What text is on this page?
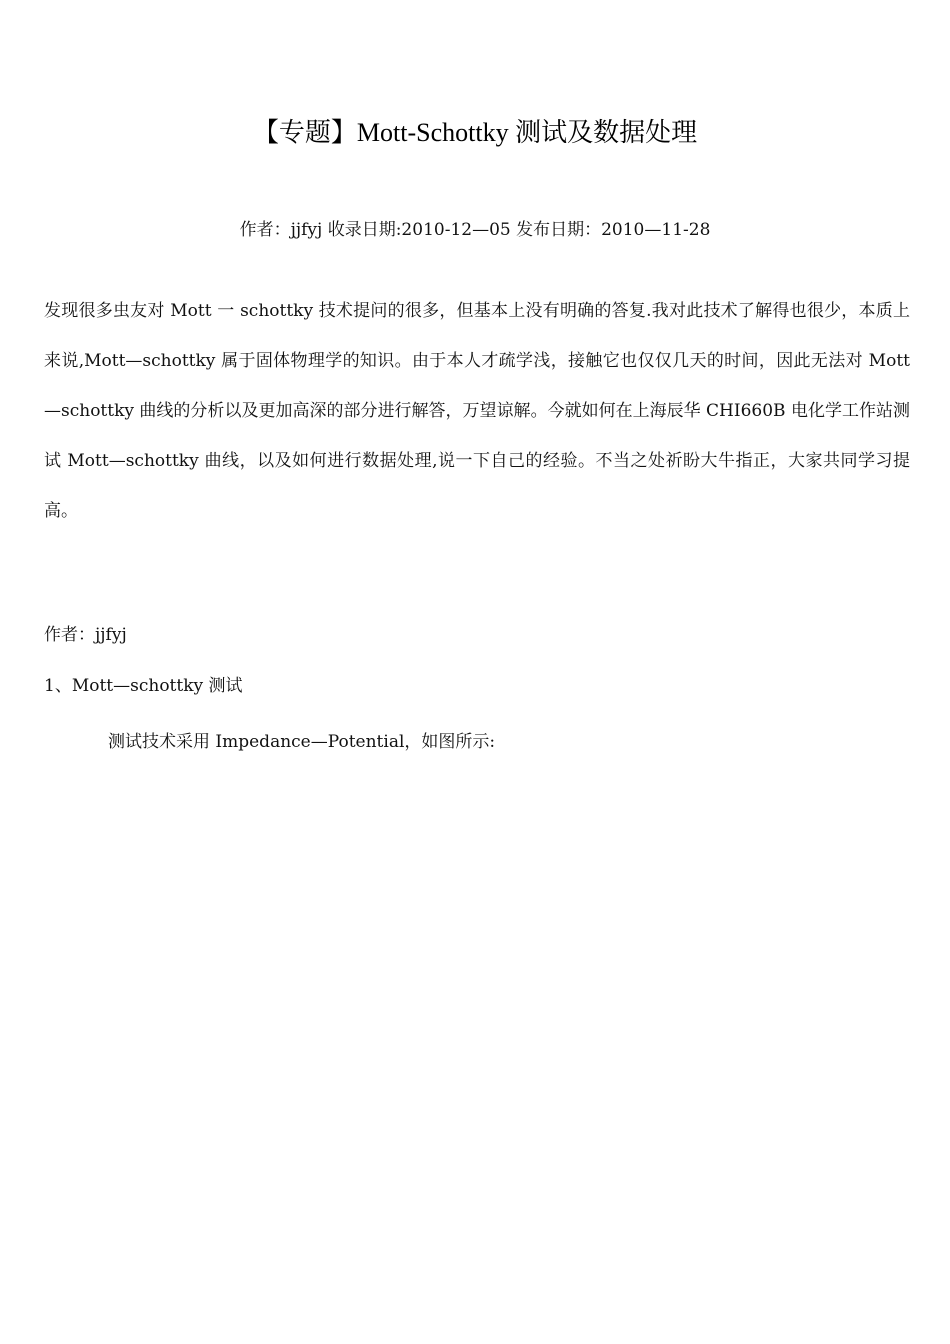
【专题】Mott-Schottky 测试及数据处理
作者：jjfyj 收录日期:2010-12—05 发布日期：2010—11-28
发现很多虫友对 Mott 一 schottky 技术提问的很多，但基本上没有明确的答复.我对此技术了解得也很少，本质上来说,Mott—schottky 属于固体物理学的知识。由于本人才疏学浅，接触它也仅仅几天的时间，因此无法对 Mott—schottky 曲线的分析以及更加高深的部分进行解答，万望谅解。今就如何在上海辰华 CHI660B 电化学工作站测试 Mott—schottky 曲线，以及如何进行数据处理,说一下自己的经验。不当之处祈盼大牛指正，大家共同学习提高。
作者：jjfyj
1、Mott—schottky 测试
测试技术采用 Impedance—Potential，如图所示:
